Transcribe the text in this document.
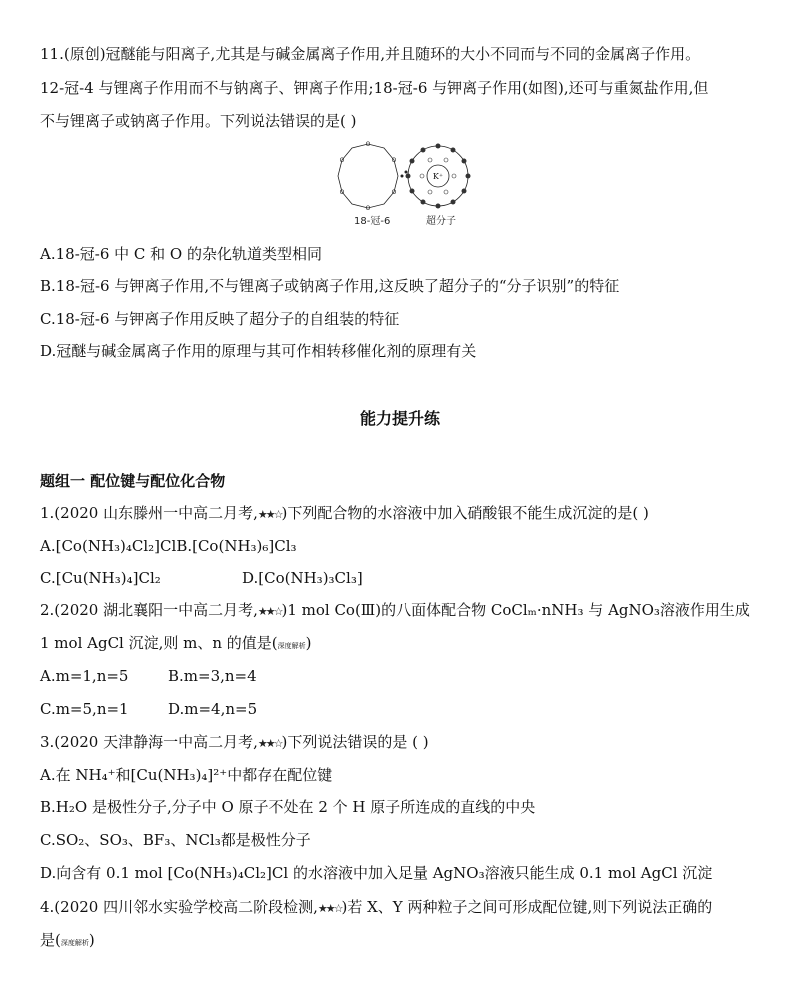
11.(原创)冠醚能与阳离子,尤其是与碱金属离子作用,并且随环的大小不同而与不同的金属离子作用。
12-冠-4 与锂离子作用而不与钠离子、钾离子作用;18-冠-6 与钾离子作用(如图),还可与重氮盐作用,但
不与锂离子或钠离子作用。下列说法错误的是( )
O
O
O
O
O
O
K⁺
18-冠-6	超分子
A.18-冠-6 中 C 和 O 的杂化轨道类型相同
B.18-冠-6 与钾离子作用,不与锂离子或钠离子作用,这反映了超分子的“分子识别”的特征
C.18-冠-6 与钾离子作用反映了超分子的自组装的特征
D.冠醚与碱金属离子作用的原理与其可作相转移催化剂的原理有关
能力提升练
题组一 配位键与配位化合物
1.(2020 山东滕州一中高二月考,★★☆)下列配合物的水溶液中加入硝酸银不能生成沉淀的是( )
A.[Co(NH₃)₄Cl₂]ClB.[Co(NH₃)₆]Cl₃
C.[Cu(NH₃)₄]Cl₂	D.[Co(NH₃)₃Cl₃]
2.(2020 湖北襄阳一中高二月考,★★☆)1 mol Co(Ⅲ)的八面体配合物 CoClₘ·nNH₃ 与 AgNO₃溶液作用生成
1 mol AgCl 沉淀,则 m、n 的值是(深度解析)
A.m=1,n=5	B.m=3,n=4
C.m=5,n=1	D.m=4,n=5
3.(2020 天津静海一中高二月考,★★☆)下列说法错误的是 ( )
A.在 NH₄⁺和[Cu(NH₃)₄]²⁺中都存在配位键
B.H₂O 是极性分子,分子中 O 原子不处在 2 个 H 原子所连成的直线的中央
C.SO₂、SO₃、BF₃、NCl₃都是极性分子
D.向含有 0.1 mol [Co(NH₃)₄Cl₂]Cl 的水溶液中加入足量 AgNO₃溶液只能生成 0.1 mol AgCl 沉淀
4.(2020 四川邻水实验学校高二阶段检测,★★☆)若 X、Y 两种粒子之间可形成配位键,则下列说法正确的
是(深度解析)
